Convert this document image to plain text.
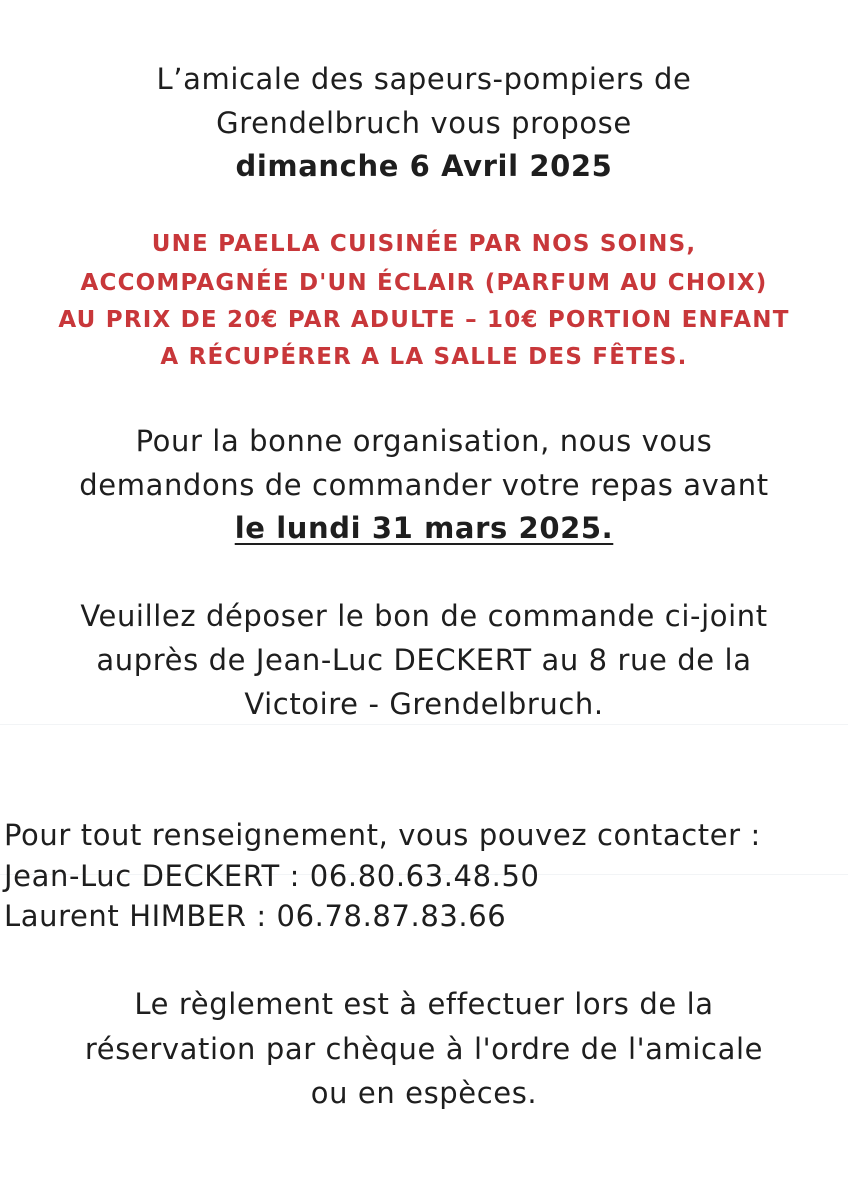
L’amicale des sapeurs-pompiers de
Grendelbruch vous propose
dimanche 6 Avril 2025
UNE PAELLA CUISINÉE PAR NOS SOINS,
ACCOMPAGNÉE D'UN ÉCLAIR (PARFUM AU CHOIX)
AU PRIX DE 20€ PAR ADULTE – 10€ PORTION ENFANT
A RÉCUPÉRER A LA SALLE DES FÊTES.
Pour la bonne organisation, nous vous
demandons de commander votre repas avant
le lundi 31 mars 2025.
Veuillez déposer le bon de commande ci-joint
auprès de Jean-Luc DECKERT au 8 rue de la
Victoire - Grendelbruch.
Pour tout renseignement, vous pouvez contacter :
Jean-Luc DECKERT : 06.80.63.48.50
Laurent HIMBER : 06.78.87.83.66
Le règlement est à effectuer lors de la
réservation par chèque à l'ordre de l'amicale
ou en espèces.
